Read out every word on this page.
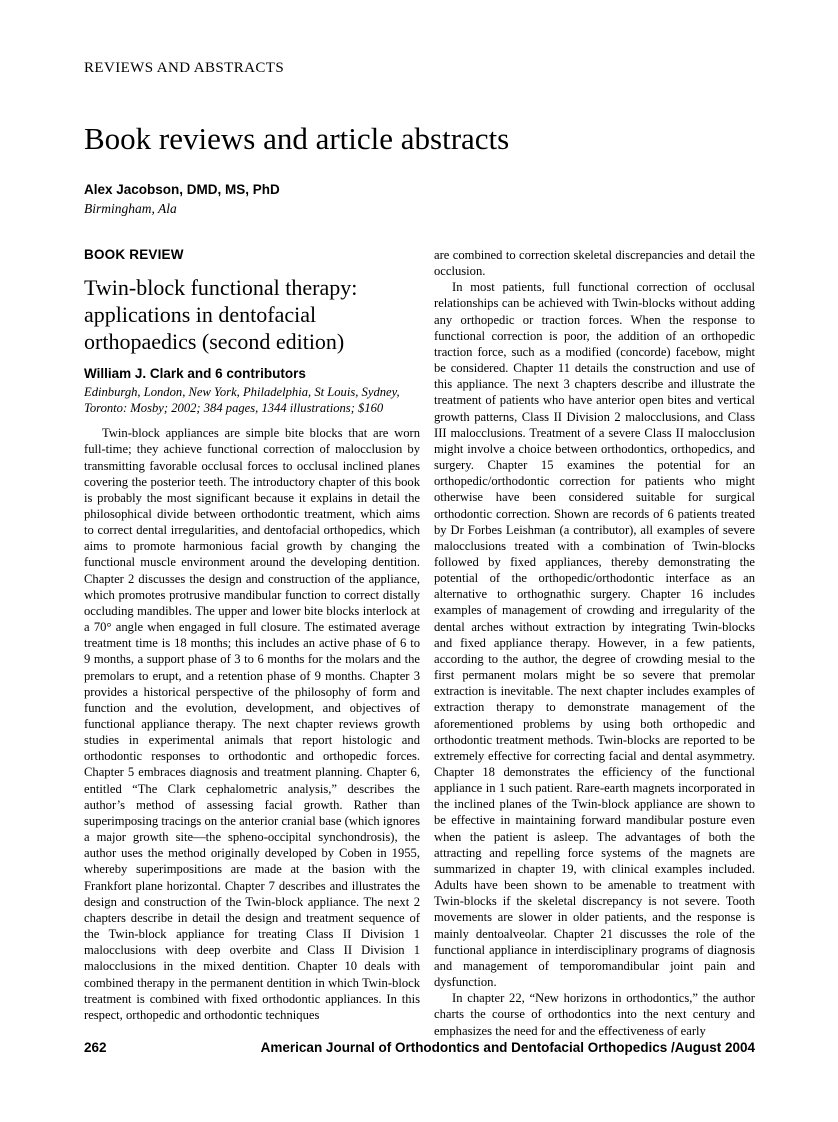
REVIEWS AND ABSTRACTS
Book reviews and article abstracts
Alex Jacobson, DMD, MS, PhD
Birmingham, Ala
BOOK REVIEW
Twin-block functional therapy: applications in dentofacial orthopaedics (second edition)
William J. Clark and 6 contributors
Edinburgh, London, New York, Philadelphia, St Louis, Sydney, Toronto: Mosby; 2002; 384 pages, 1344 illustrations; $160

Twin-block appliances are simple bite blocks that are worn full-time; they achieve functional correction of malocclusion by transmitting favorable occlusal forces to occlusal inclined planes covering the posterior teeth. The introductory chapter of this book is probably the most significant because it explains in detail the philosophical divide between orthodontic treatment, which aims to correct dental irregularities, and dentofacial orthopedics, which aims to promote harmonious facial growth by changing the functional muscle environment around the developing dentition. Chapter 2 discusses the design and construction of the appliance, which promotes protrusive mandibular function to correct distally occluding mandibles. The upper and lower bite blocks interlock at a 70° angle when engaged in full closure. The estimated average treatment time is 18 months; this includes an active phase of 6 to 9 months, a support phase of 3 to 6 months for the molars and the premolars to erupt, and a retention phase of 9 months. Chapter 3 provides a historical perspective of the philosophy of form and function and the evolution, development, and objectives of functional appliance therapy. The next chapter reviews growth studies in experimental animals that report histologic and orthodontic responses to orthodontic and orthopedic forces. Chapter 5 embraces diagnosis and treatment planning. Chapter 6, entitled “The Clark cephalometric analysis,” describes the author’s method of assessing facial growth. Rather than superimposing tracings on the anterior cranial base (which ignores a major growth site—the spheno-occipital synchondrosis), the author uses the method originally developed by Coben in 1955, whereby superimpositions are made at the basion with the Frankfort plane horizontal. Chapter 7 describes and illustrates the design and construction of the Twin-block appliance. The next 2 chapters describe in detail the design and treatment sequence of the Twin-block appliance for treating Class II Division 1 malocclusions with deep overbite and Class II Division 1 malocclusions in the mixed dentition. Chapter 10 deals with combined therapy in the permanent dentition in which Twin-block treatment is combined with fixed orthodontic appliances. In this respect, orthopedic and orthodontic techniques

are combined to correction skeletal discrepancies and detail the occlusion.

In most patients, full functional correction of occlusal relationships can be achieved with Twin-blocks without adding any orthopedic or traction forces. When the response to functional correction is poor, the addition of an orthopedic traction force, such as a modified (concorde) facebow, might be considered. Chapter 11 details the construction and use of this appliance. The next 3 chapters describe and illustrate the treatment of patients who have anterior open bites and vertical growth patterns, Class II Division 2 malocclusions, and Class III malocclusions. Treatment of a severe Class II malocclusion might involve a choice between orthodontics, orthopedics, and surgery. Chapter 15 examines the potential for an orthopedic/orthodontic correction for patients who might otherwise have been considered suitable for surgical orthodontic correction. Shown are records of 6 patients treated by Dr Forbes Leishman (a contributor), all examples of severe malocclusions treated with a combination of Twin-blocks followed by fixed appliances, thereby demonstrating the potential of the orthopedic/orthodontic interface as an alternative to orthognathic surgery. Chapter 16 includes examples of management of crowding and irregularity of the dental arches without extraction by integrating Twin-blocks and fixed appliance therapy. However, in a few patients, according to the author, the degree of crowding mesial to the first permanent molars might be so severe that premolar extraction is inevitable. The next chapter includes examples of extraction therapy to demonstrate management of the aforementioned problems by using both orthopedic and orthodontic treatment methods. Twin-blocks are reported to be extremely effective for correcting facial and dental asymmetry. Chapter 18 demonstrates the efficiency of the functional appliance in 1 such patient. Rare-earth magnets incorporated in the inclined planes of the Twin-block appliance are shown to be effective in maintaining forward mandibular posture even when the patient is asleep. The advantages of both the attracting and repelling force systems of the magnets are summarized in chapter 19, with clinical examples included. Adults have been shown to be amenable to treatment with Twin-blocks if the skeletal discrepancy is not severe. Tooth movements are slower in older patients, and the response is mainly dentoalveolar. Chapter 21 discusses the role of the functional appliance in interdisciplinary programs of diagnosis and management of temporomandibular joint pain and dysfunction.

In chapter 22, “New horizons in orthodontics,” the author charts the course of orthodontics into the next century and emphasizes the need for and the effectiveness of early

262	American Journal of Orthodontics and Dentofacial Orthopedics /August 2004
